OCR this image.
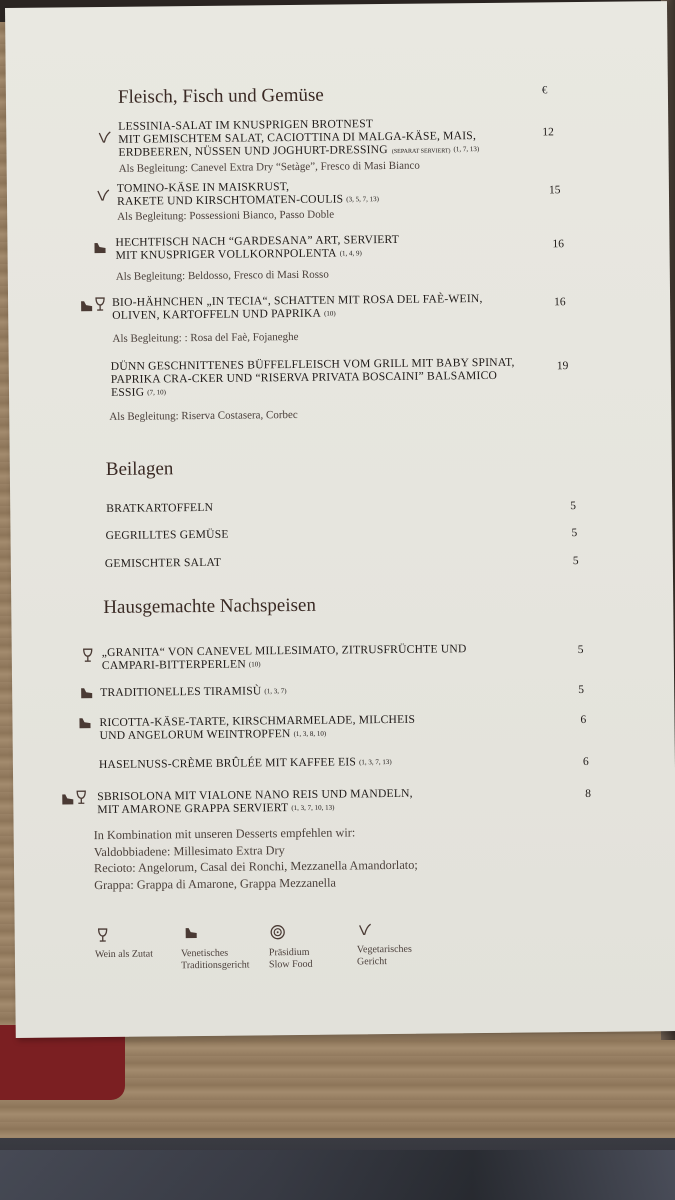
€
Fleisch, Fisch und Gemüse
LESSINIA-SALAT IM KNUSPRIGEN BROTNEST
MIT GEMISCHTEM SALAT, CACIOTTINA DI MALGA-KÄSE, MAIS,
ERDBEEREN, NÜSSEN UND JOGHURT-DRESSING (SEPARAT SERVIERT) (1, 7, 13)
12
Als Begleitung: Canevel Extra Dry “Setàge”, Fresco di Masi Bianco
TOMINO-KÄSE IN MAISKRUST,
RAKETE UND KIRSCHTOMATEN-COULIS (3, 5, 7, 13)
15
Als Begleitung: Possessioni Bianco, Passo Doble
HECHTFISCH NACH “GARDESANA” ART, SERVIERT
MIT KNUSPRIGER VOLLKORNPOLENTA (1, 4, 9)
16
Als Begleitung: Beldosso, Fresco di Masi Rosso
BIO-HÄHNCHEN „IN TECIA“, SCHATTEN MIT ROSA DEL FAÈ-WEIN,
OLIVEN, KARTOFFELN UND PAPRIKA (10)
16
Als Begleitung: : Rosa del Faè, Fojaneghe
DÜNN GESCHNITTENES BÜFFELFLEISCH VOM GRILL MIT BABY SPINAT,
PAPRIKA CRA-CKER UND “RISERVA PRIVATA BOSCAINI” BALSAMICO
ESSIG (7, 10)
19
Als Begleitung: Riserva Costasera, Corbec
Beilagen
BRATKARTOFFELN	5
GEGRILLTES GEMÜSE	5
GEMISCHTER SALAT	5
Hausgemachte Nachspeisen
„GRANITA“ VON CANEVEL MILLESIMATO, ZITRUSFRÜCHTE UND
CAMPARI-BITTERPERLEN (10)
5
TRADITIONELLES TIRAMISÙ (1, 3, 7)	5
RICOTTA-KÄSE-TARTE, KIRSCHMARMELADE, MILCHEIS
UND ANGELORUM WEINTROPFEN (1, 3, 8, 10)
6
HASELNUSS-CRÈME BRÛLÉE MIT KAFFEE EIS (1, 3, 7, 13)	6
SBRISOLONA MIT VIALONE NANO REIS UND MANDELN,
MIT AMARONE GRAPPA SERVIERT (1, 3, 7, 10, 13)
8
In Kombination mit unseren Desserts empfehlen wir:
Valdobbiadene: Millesimato Extra Dry
Recioto: Angelorum, Casal dei Ronchi, Mezzanella Amandorlato;
Grappa: Grappa di Amarone, Grappa Mezzanella
Wein als Zutat	Venetisches
Traditionsgericht
Präsidium
Slow Food
Vegetarisches
Gericht
